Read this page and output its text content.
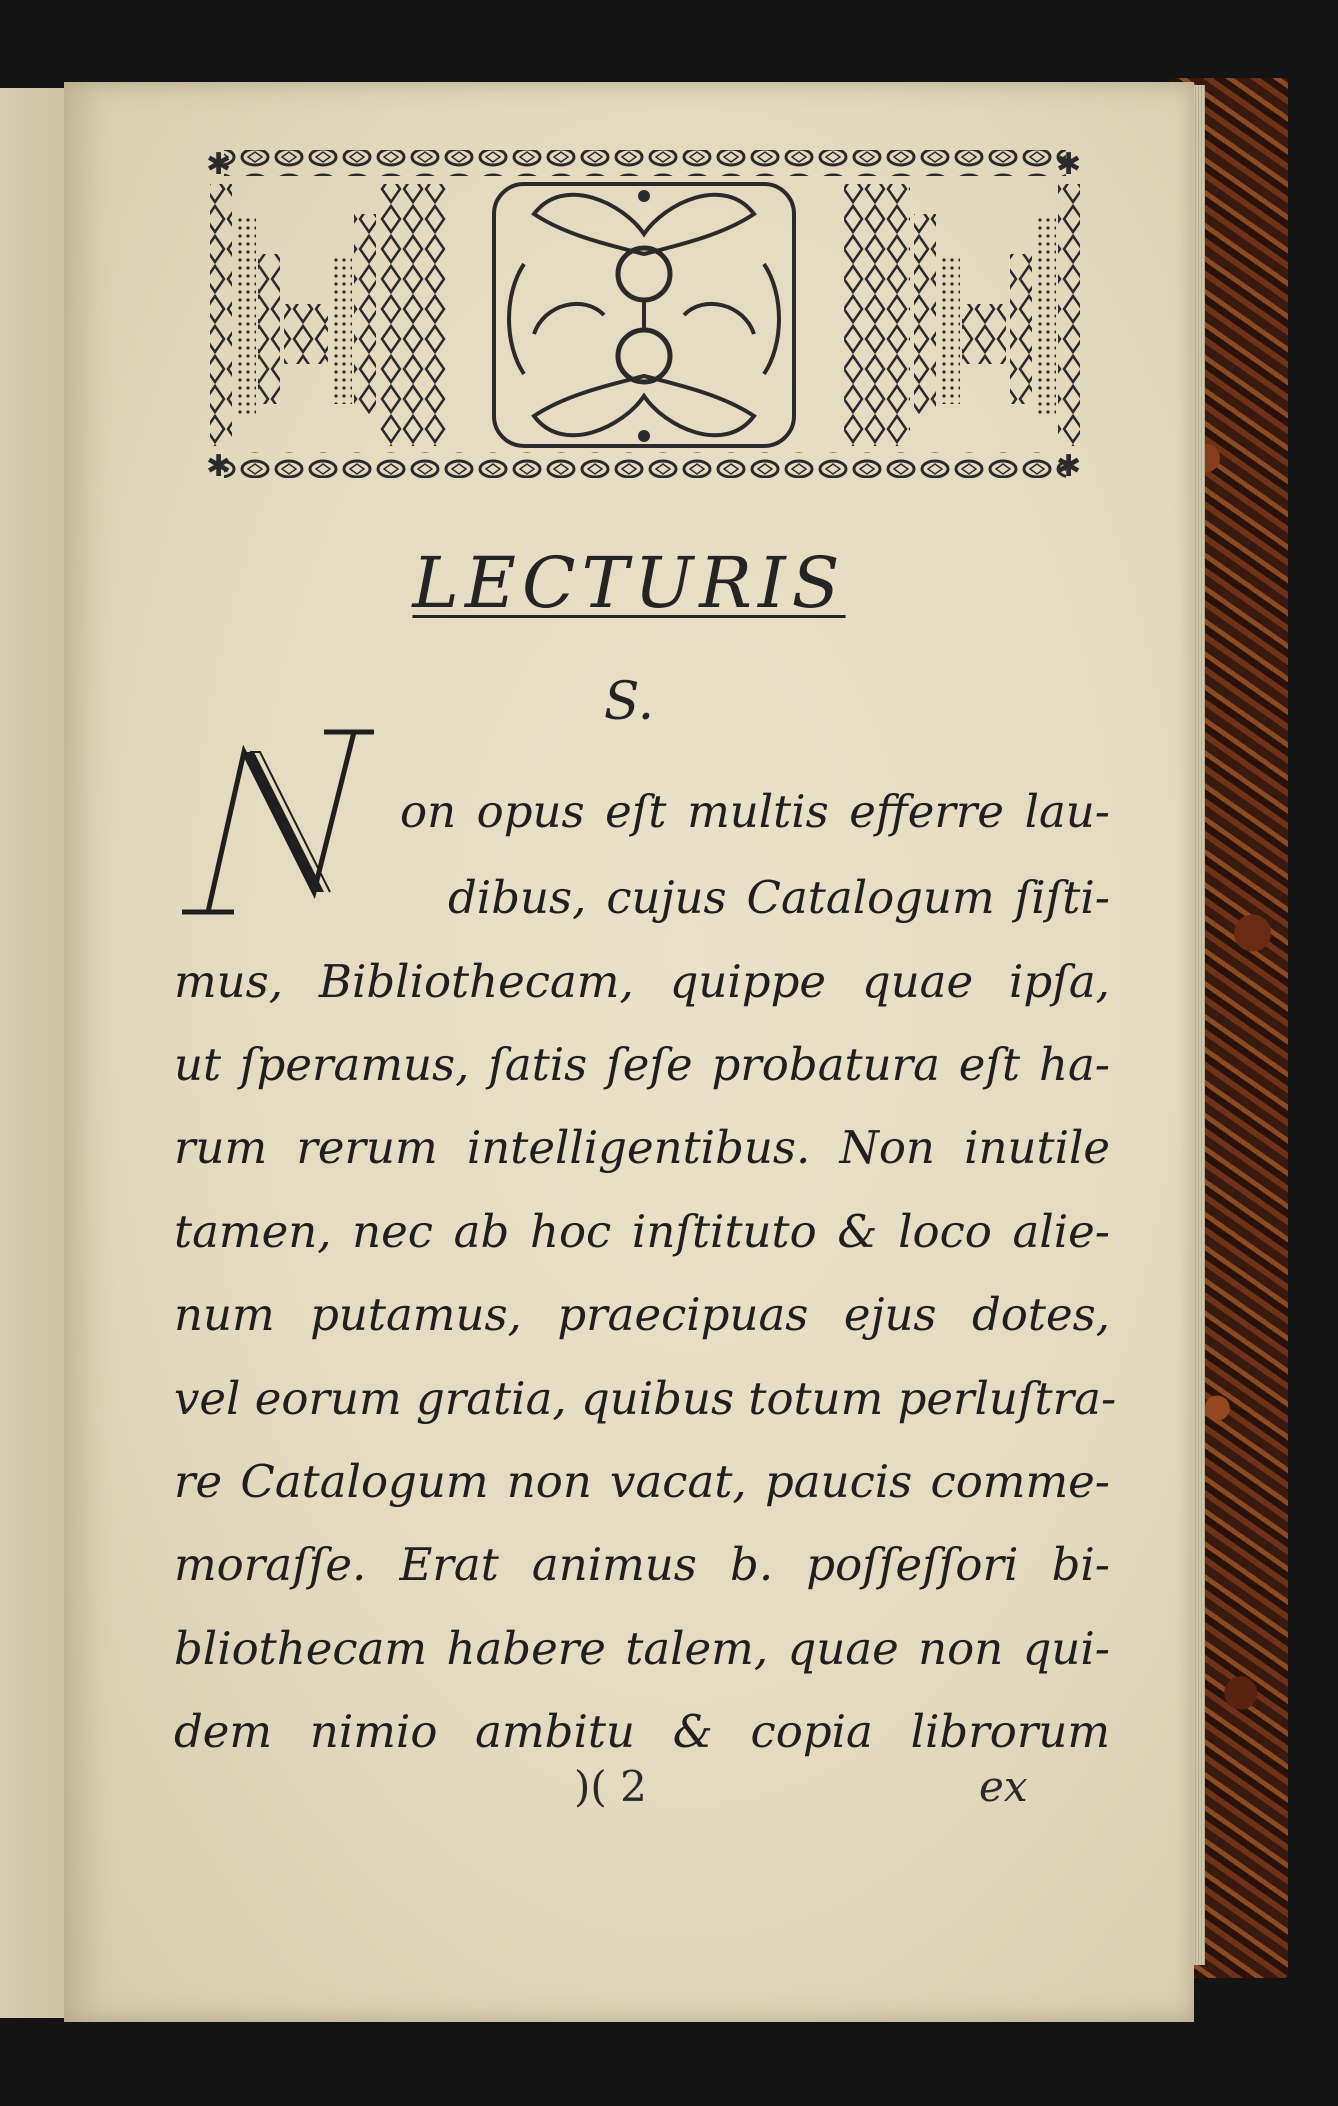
✱	✱
✱	✱
LECTURIS
S.
N
on opus eſt multis efferre lau-
dibus, cujus Catalogum ſiſti-
mus, Bibliothecam, quippe quae ipſa,
ut ſperamus, ſatis ſeſe probatura eſt ha-
rum rerum intelligentibus. Non inutile
tamen, nec ab hoc inſtituto & loco alie-
num putamus, praecipuas ejus dotes,
vel eorum gratia, quibus totum perluſtra-
re Catalogum non vacat, paucis comme-
moraſſe. Erat animus b. poſſeſſori bi-
bliothecam habere talem, quae non qui-
dem nimio ambitu & copia librorum
)( 2	ex
